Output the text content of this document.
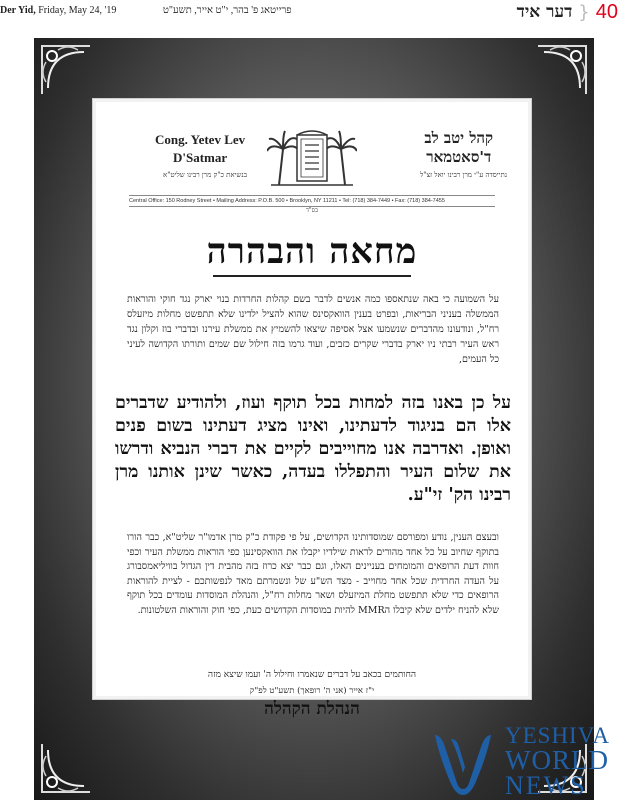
Der Yid, Friday, May 24, '19	פרייטאג פ' בהר, י"ט אייר, תשע"ט	דער איד } 40
Cong. Yetev Lev
D'Satmar
בנשיאת כ"ק מרן רבינו שליט"א
קהל יטב לב
ד'סאטמאר
נתייסדה ע"י מרן רבינו יואל זצ"ל
Central Office: 150 Rodney Street • Mailing Address: P.O.B. 500 • Brooklyn, NY 11211 • Tel: (718) 384-7449 • Fax: (718) 384-7455
בס"ד
מחאה והבהרה
על השמועה כי באה שנתאספו כמה אנשים לדבר בשם קהלות החרדות בנוי יארק נגד חוקי והוראות הממשלה בעניני הבריאות, ובפרט בענין הוואקסינס שהוא להציל ילדינו שלא תתפשט מחלות מיזעלס רח"ל, ונודעונו מהדברים שנשמעו אצל אסיפה שיצאו להשמיץ את ממשלת עירנו ובדברי בוז וקלון נגד ראש העיר רבתי ניו יארק בדברי שקרים כזבים, ועוד גרמו בזה חילול שם שמים ותורתו הקדושה לעיני כל העמים,
על כן באנו בזה למחות בכל תוקף ועוז, ולהודיע שדברים אלו הם בניגוד לדעתינו, ואינו מציג דעתינו בשום פנים ואופן. ואדרבה אנו מחוייבים לקיים את דברי הנביא ודרשו את שלום העיר והתפללו בעדה, כאשר שינן אותנו מרן רבינו הק' זי"ע.
ובעצם הענין, נודע ומפורסם שמוסדותינו הקדושים, על פי פקודת כ"ק מרן אדמו"ר שליט"א, כבר הורו בתוקף שחיוב על כל אחד מהורים לראות שילדיו יקבלו את הוואקסינען כפי הוראות ממשלת העיר וכפי חוות דעת הרופאים והמומחים בעניינים האלו, וגם כבר יצא כרוז בזה מהבית דין הגדול בוויליאמסבורג על העדה החרדית שכל אחד מחוייב - מצד הש"ע של ונשמרתם מאד לנפשותכם - לציית להוראות הרופאים כדי שלא תתפשט מחלת המיזעלס ושאר מחלות רח"ל, והנהלת המוסדות עומדים בכל תוקף שלא להניח ילדים שלא קיבלו הMMR להיות במוסדות הקדושים כעת, כפי חוק והוראות השלטונות.
החותמים בכאב על דברים שנאמרו וחילול ה' ועמו שיצא מזה
י"ז אייר (אני ה' רופאך) תשע"ט לפ"ק
הנהלת הקהלה
YESHIVA
WORLD
NEWS
